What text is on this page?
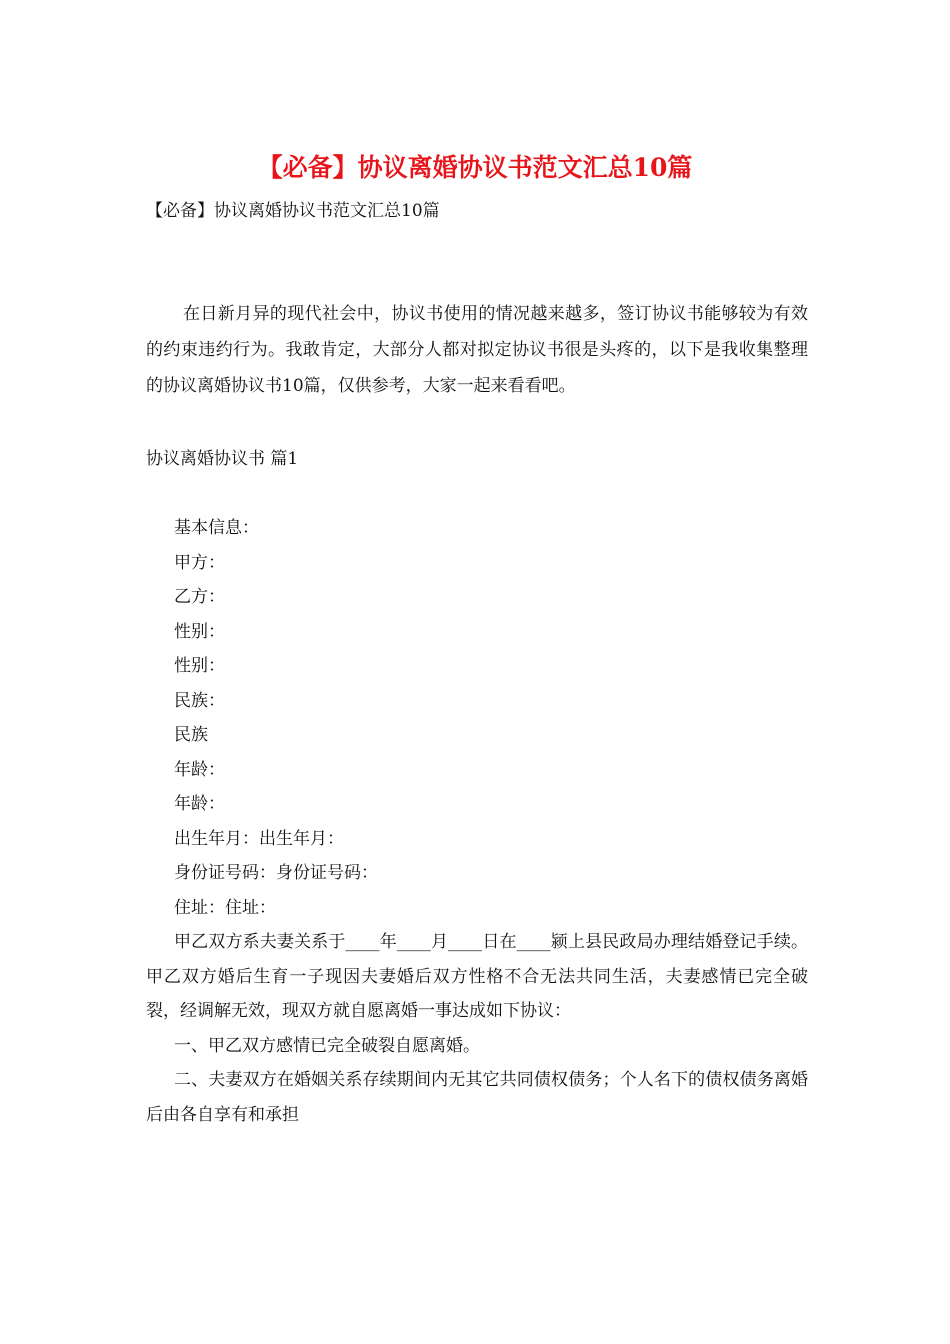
【必备】协议离婚协议书范文汇总10篇

【必备】协议离婚协议书范文汇总10篇

在日新月异的现代社会中，协议书使用的情况越来越多，签订协议书能够较为有效的约束违约行为。我敢肯定，大部分人都对拟定协议书很是头疼的，以下是我收集整理的协议离婚协议书10篇，仅供参考，大家一起来看看吧。

协议离婚协议书 篇1

基本信息：

甲方：

乙方：

性别：

性别：

民族：

民族

年龄：

年龄：

出生年月：出生年月：

身份证号码：身份证号码：

住址：住址：

甲乙双方系夫妻关系于____年____月____日在____颍上县民政局办理结婚登记手续。甲乙双方婚后生育一子现因夫妻婚后双方性格不合无法共同生活，夫妻感情已完全破裂，经调解无效，现双方就自愿离婚一事达成如下协议：

一、甲乙双方感情已完全破裂自愿离婚。

二、夫妻双方在婚姻关系存续期间内无其它共同债权债务；个人名下的债权债务离婚后由各自享有和承担
